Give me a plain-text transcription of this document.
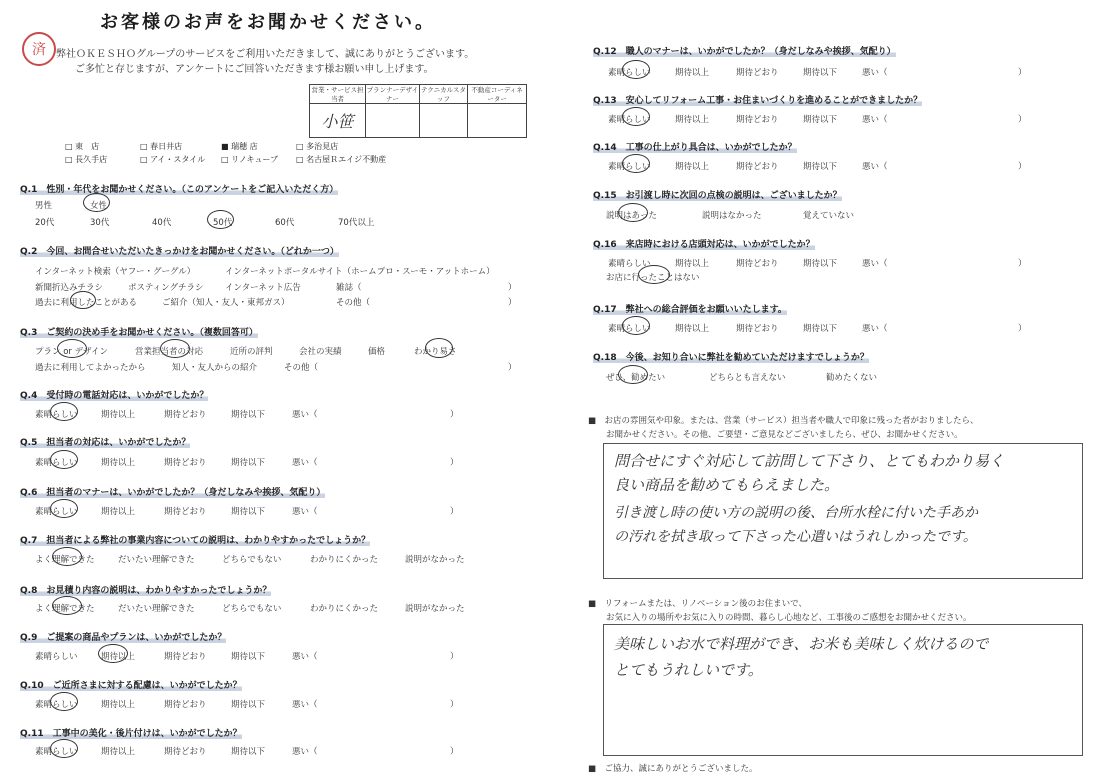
お客様のお声をお聞かせください。
済	弊社ＯＫＥＳＨＯグループのサービスをご利用いただきまして、誠にありがとうございます。
ご多忙と存じますが、アンケートにご回答いただきます様お願い申し上げます。
営業・サービス担当者	プランナーデザイナー	テクニカルスタッフ	不動産コーディネーター
小笹			
□ 東　店	□ 春日井店	■ 瑞穂 店	□ 多治見店
□ 長久手店	□ アイ・スタイル □ リノキューブ □ 名古屋Ｒエイジ不動産
Q.1　性別・年代をお聞かせください。（このアンケートをご記入いただく方）
男性	女性
20代	30代	40代	50代	60代	70代以上
Q.2　今回、お問合せいただいたきっかけをお聞かせください。（どれか一つ）
インターネット検索（ヤフー・グーグル）	インターネットポータルサイト（ホームプロ・スーモ・アットホーム）
新聞折込みチラシ	ポスティングチラシ	インターネット広告	雑誌（	）
過去に利用したことがある	ご紹介（知人・友人・東邦ガス）	その他（	）
Q.3　ご契約の決め手をお聞かせください。（複数回答可）
プラン or デザイン	営業担当者の対応	近所の評判	会社の実績	価格	わかり易さ
過去に利用してよかったから	知人・友人からの紹介	その他（	）
Q.4　受付時の電話対応は、いかがでしたか？
素晴らしい	期待以上	期待どおり	期待以下	悪い（	）
Q.5　担当者の対応は、いかがでしたか？
素晴らしい	期待以上	期待どおり	期待以下	悪い（	）
Q.6　担当者のマナーは、いかがでしたか？（身だしなみや挨拶、気配り）
素晴らしい	期待以上	期待どおり	期待以下	悪い（	）
Q.7　担当者による弊社の事業内容についての説明は、わかりやすかったでしょうか？
よく理解できた	だいたい理解できた	どちらでもない	わかりにくかった	説明がなかった
Q.8　お見積り内容の説明は、わかりやすかったでしょうか？
よく理解できた	だいたい理解できた	どちらでもない	わかりにくかった	説明がなかった
Q.9　ご提案の商品やプランは、いかがでしたか？
素晴らしい	期待以上	期待どおり	期待以下	悪い（	）
Q.10　ご近所さまに対する配慮は、いかがでしたか？
素晴らしい	期待以上	期待どおり	期待以下	悪い（	）
Q.11　工事中の美化・後片付けは、いかがでしたか？
素晴らしい	期待以上	期待どおり	期待以下	悪い（	）
Q.12　職人のマナーは、いかがでしたか？（身だしなみや挨拶、気配り）
素晴らしい	期待以上	期待どおり	期待以下	悪い（	）
Q.13　安心してリフォーム工事・お住まいづくりを進めることができましたか？
素晴らしい	期待以上	期待どおり	期待以下	悪い（	）
Q.14　工事の仕上がり具合は、いかがでしたか？
素晴らしい	期待以上	期待どおり	期待以下	悪い（	）
Q.15　お引渡し時に次回の点検の説明は、ございましたか？
説明はあった	説明はなかった	覚えていない
Q.16　来店時における店頭対応は、いかがでしたか？
素晴らしい	期待以上	期待どおり	期待以下	悪い（	）
お店に行ったことはない
Q.17　弊社への総合評価をお願いいたします。
素晴らしい	期待以上	期待どおり	期待以下	悪い（	）
Q.18　今後、お知り合いに弊社を勧めていただけますでしょうか？
ぜひ、勧めたい	どちらとも言えない	勧めたくない
■　お店の雰囲気や印象。または、営業（サービス）担当者や職人で印象に残った者がおりましたら、
お聞かせください。その他、ご要望・ご意見などございましたら、ぜひ、お聞かせください。
問合せにすぐ対応して訪問して下さり、とてもわかり易く
良い商品を勧めてもらえました。
引き渡し時の使い方の説明の後、台所水栓に付いた手あか
の汚れを拭き取って下さった心遣いはうれしかったです。
■　リフォームまたは、リノベーション後のお住まいで、
お気に入りの場所やお気に入りの時間、暮らし心地など、工事後のご感想をお聞かせください。
美味しいお水で料理ができ、お米も美味しく炊けるので
とてもうれしいです。
■　ご協力、誠にありがとうございました。
